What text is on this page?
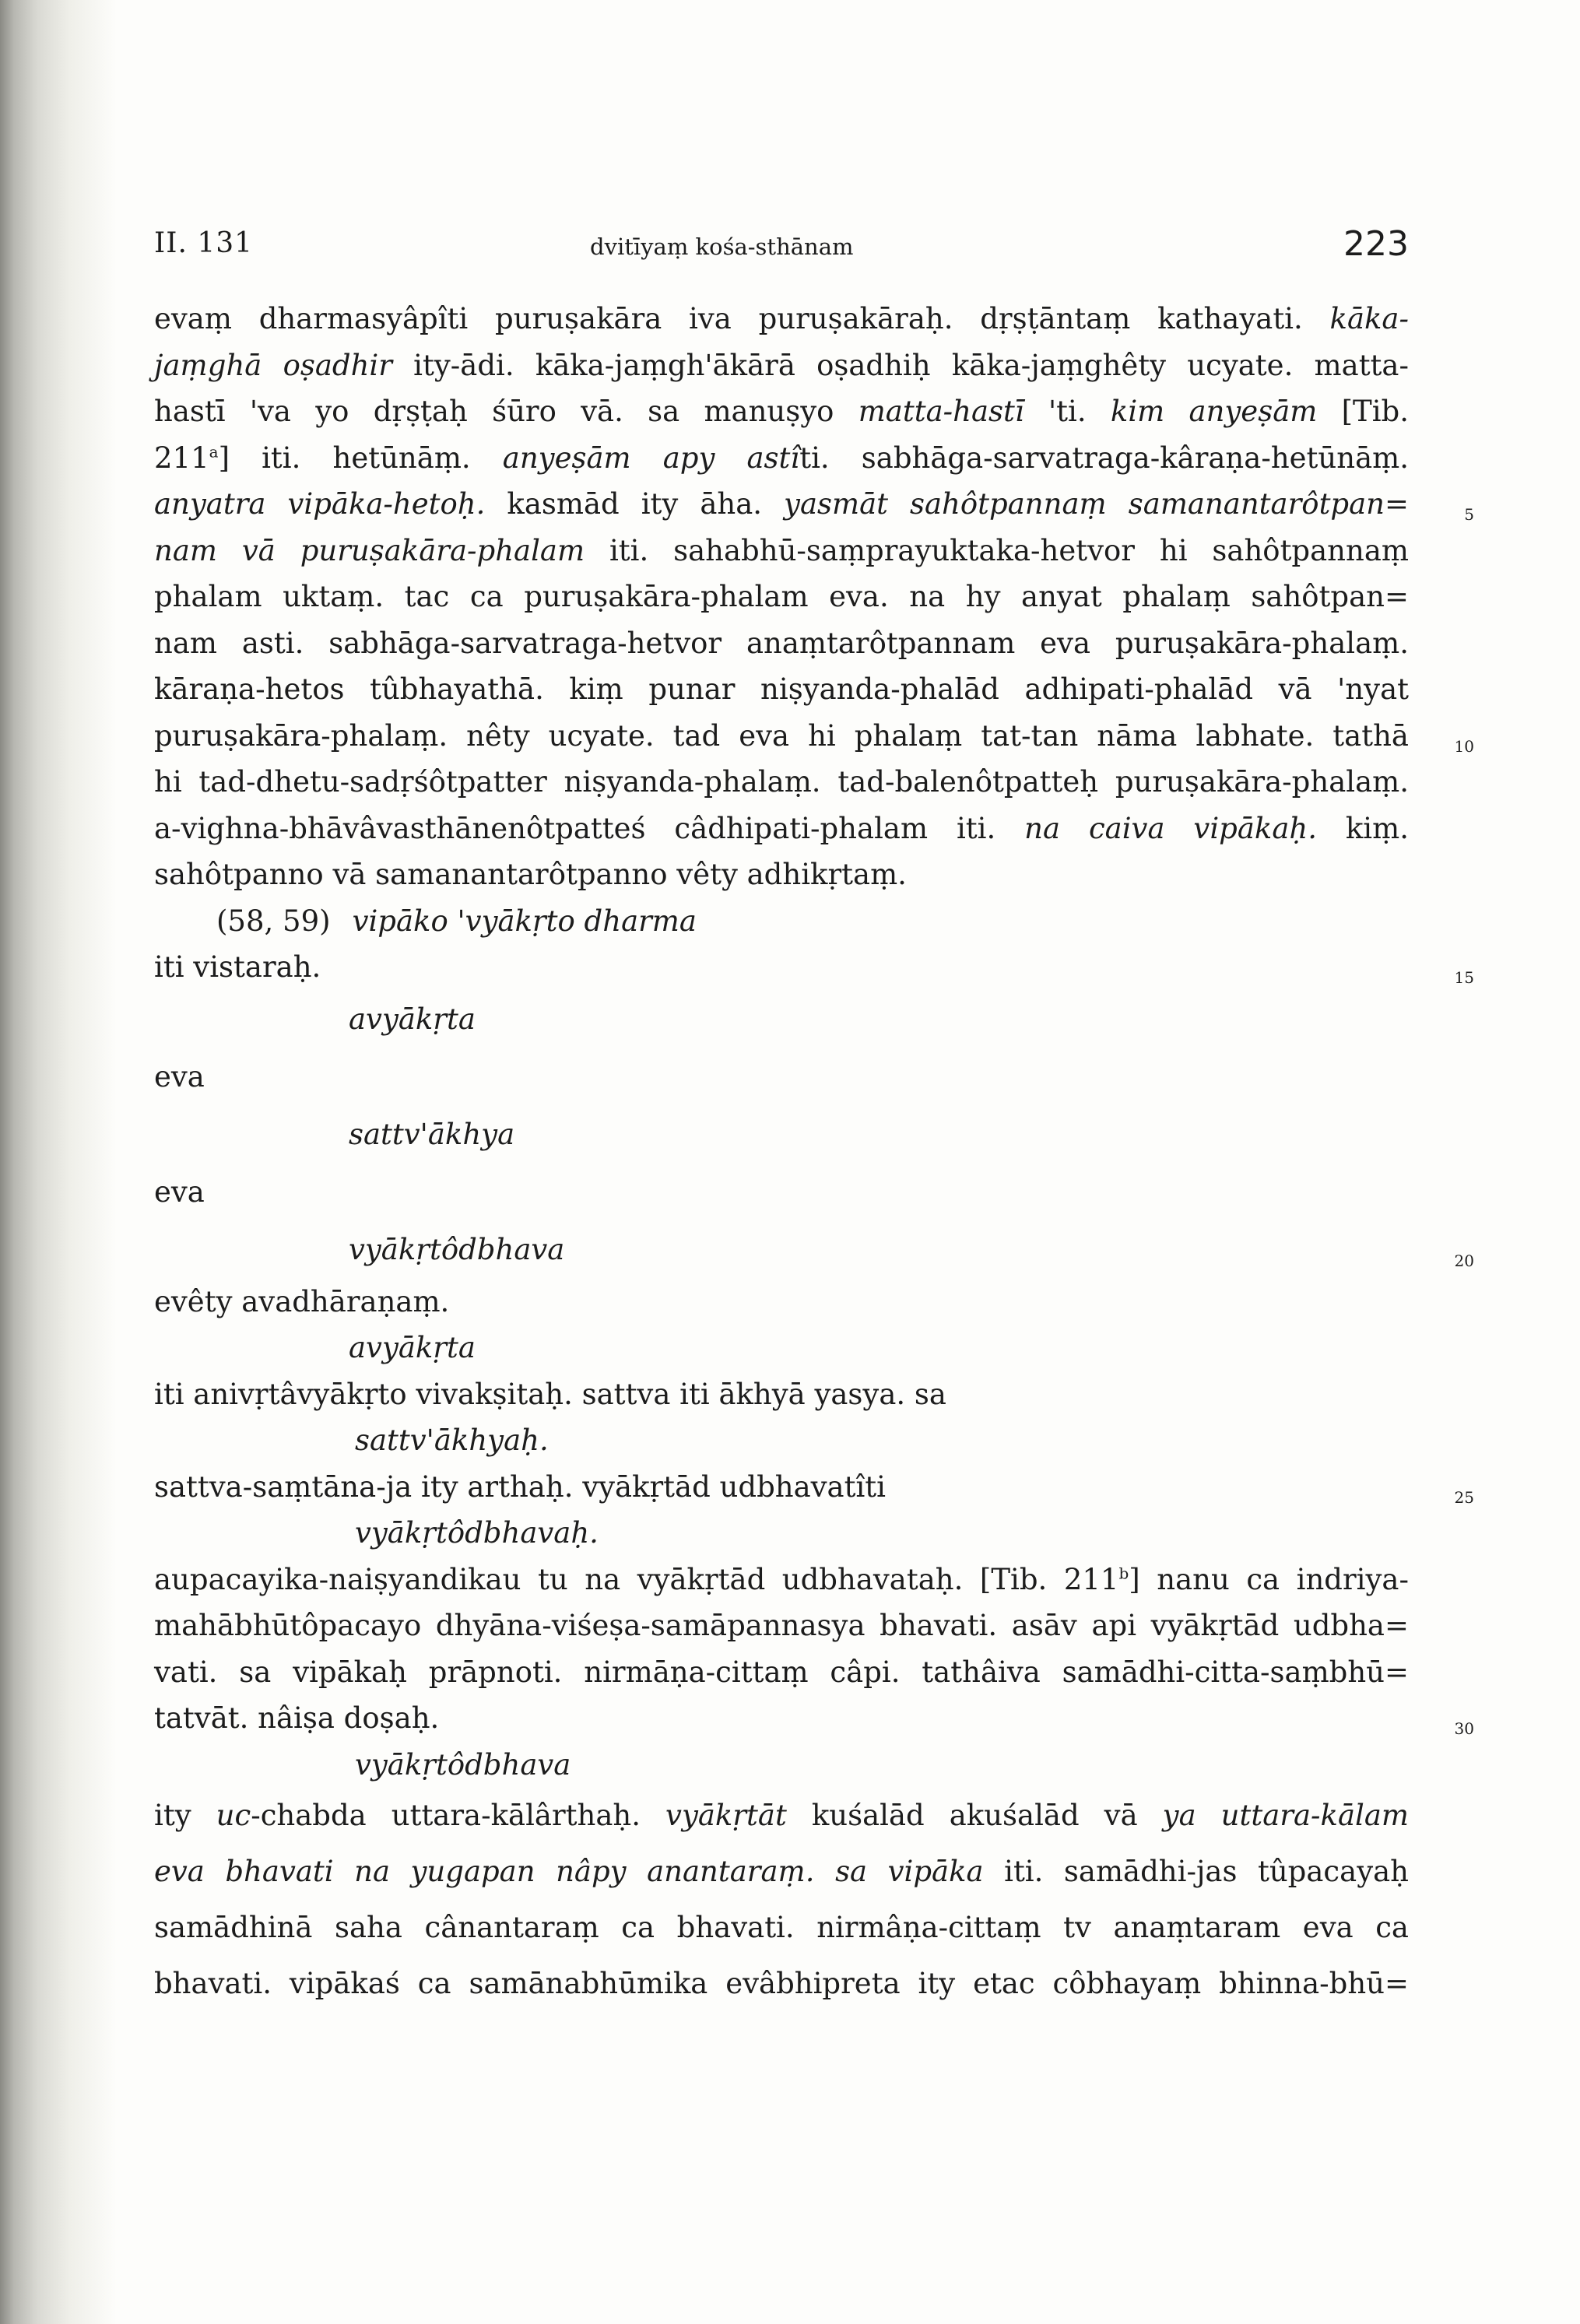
II. 131	dvitīyaṃ kośa-sthānam	223
evaṃ dharmasyâpîti puruṣakāra iva puruṣakāraḥ. dṛṣṭāntaṃ kathayati. kāka-
jaṃghā oṣadhir ity-ādi. kāka-jaṃgh'ākārā oṣadhiḥ kāka-jaṃghêty ucyate. matta-
hastī 'va yo dṛṣṭaḥ śūro vā. sa manuṣyo matta-hastī 'ti. kim anyeṣām [Tib.
211$^a$] iti. hetūnāṃ. anyeṣām apy astîti. sabhāga-sarvatraga-kâraṇa-hetūnāṃ.
anyatra vipāka-hetoḥ. kasmād ity āha. yasmāt sahôtpannaṃ samanantarôtpan=	5
nam vā puruṣakāra-phalam iti. sahabhū-saṃprayuktaka-hetvor hi sahôtpannaṃ
phalam uktaṃ. tac ca puruṣakāra-phalam eva. na hy anyat phalaṃ sahôtpan=
nam asti. sabhāga-sarvatraga-hetvor anaṃtarôtpannam eva puruṣakāra-phalaṃ.
kāraṇa-hetos tûbhayathā. kiṃ punar niṣyanda-phalād adhipati-phalād vā 'nyat
puruṣakāra-phalaṃ. nêty ucyate. tad eva hi phalaṃ tat-tan nāma labhate. tathā	10
hi tad-dhetu-sadṛśôtpatter niṣyanda-phalaṃ. tad-balenôtpatteḥ puruṣakāra-phalaṃ.
a-vighna-bhāvâvasthānenôtpatteś câdhipati-phalam iti. na caiva vipākaḥ. kiṃ.
sahôtpanno vā samanantarôtpanno vêty adhikṛtaṃ.
(58, 59) vipāko 'vyākṛto dharma
iti vistaraḥ.	15
avyākṛta
eva
sattv'ākhya
eva
vyākṛtôdbhava	20
evêty avadhāraṇaṃ.
avyākṛta
iti anivṛtâvyākṛto vivakṣitaḥ. sattva iti ākhyā yasya. sa
sattv'ākhyaḥ.
sattva-saṃtāna-ja ity arthaḥ. vyākṛtād udbhavatîti	25
vyākṛtôdbhavaḥ.
aupacayika-naiṣyandikau tu na vyākṛtād udbhavataḥ. [Tib. 211$^b$] nanu ca indriya-
mahābhūtôpacayo dhyāna-viśeṣa-samāpannasya bhavati. asāv api vyākṛtād udbha=
vati. sa vipākaḥ prāpnoti. nirmāṇa-cittaṃ câpi. tathâiva samādhi-citta-saṃbhū=
tatvāt. nâiṣa doṣaḥ.	30
vyākṛtôdbhava
ity uc-chabda uttara-kālârthaḥ. vyākṛtāt kuśalād akuśalād vā ya uttara-kālam
eva bhavati na yugapan nâpy anantaraṃ. sa vipāka iti. samādhi-jas tûpacayaḥ
samādhinā saha cânantaraṃ ca bhavati. nirmâṇa-cittaṃ tv anaṃtaram eva ca
bhavati. vipākaś ca samānabhūmika evâbhipreta ity etac côbhayaṃ bhinna-bhū=
